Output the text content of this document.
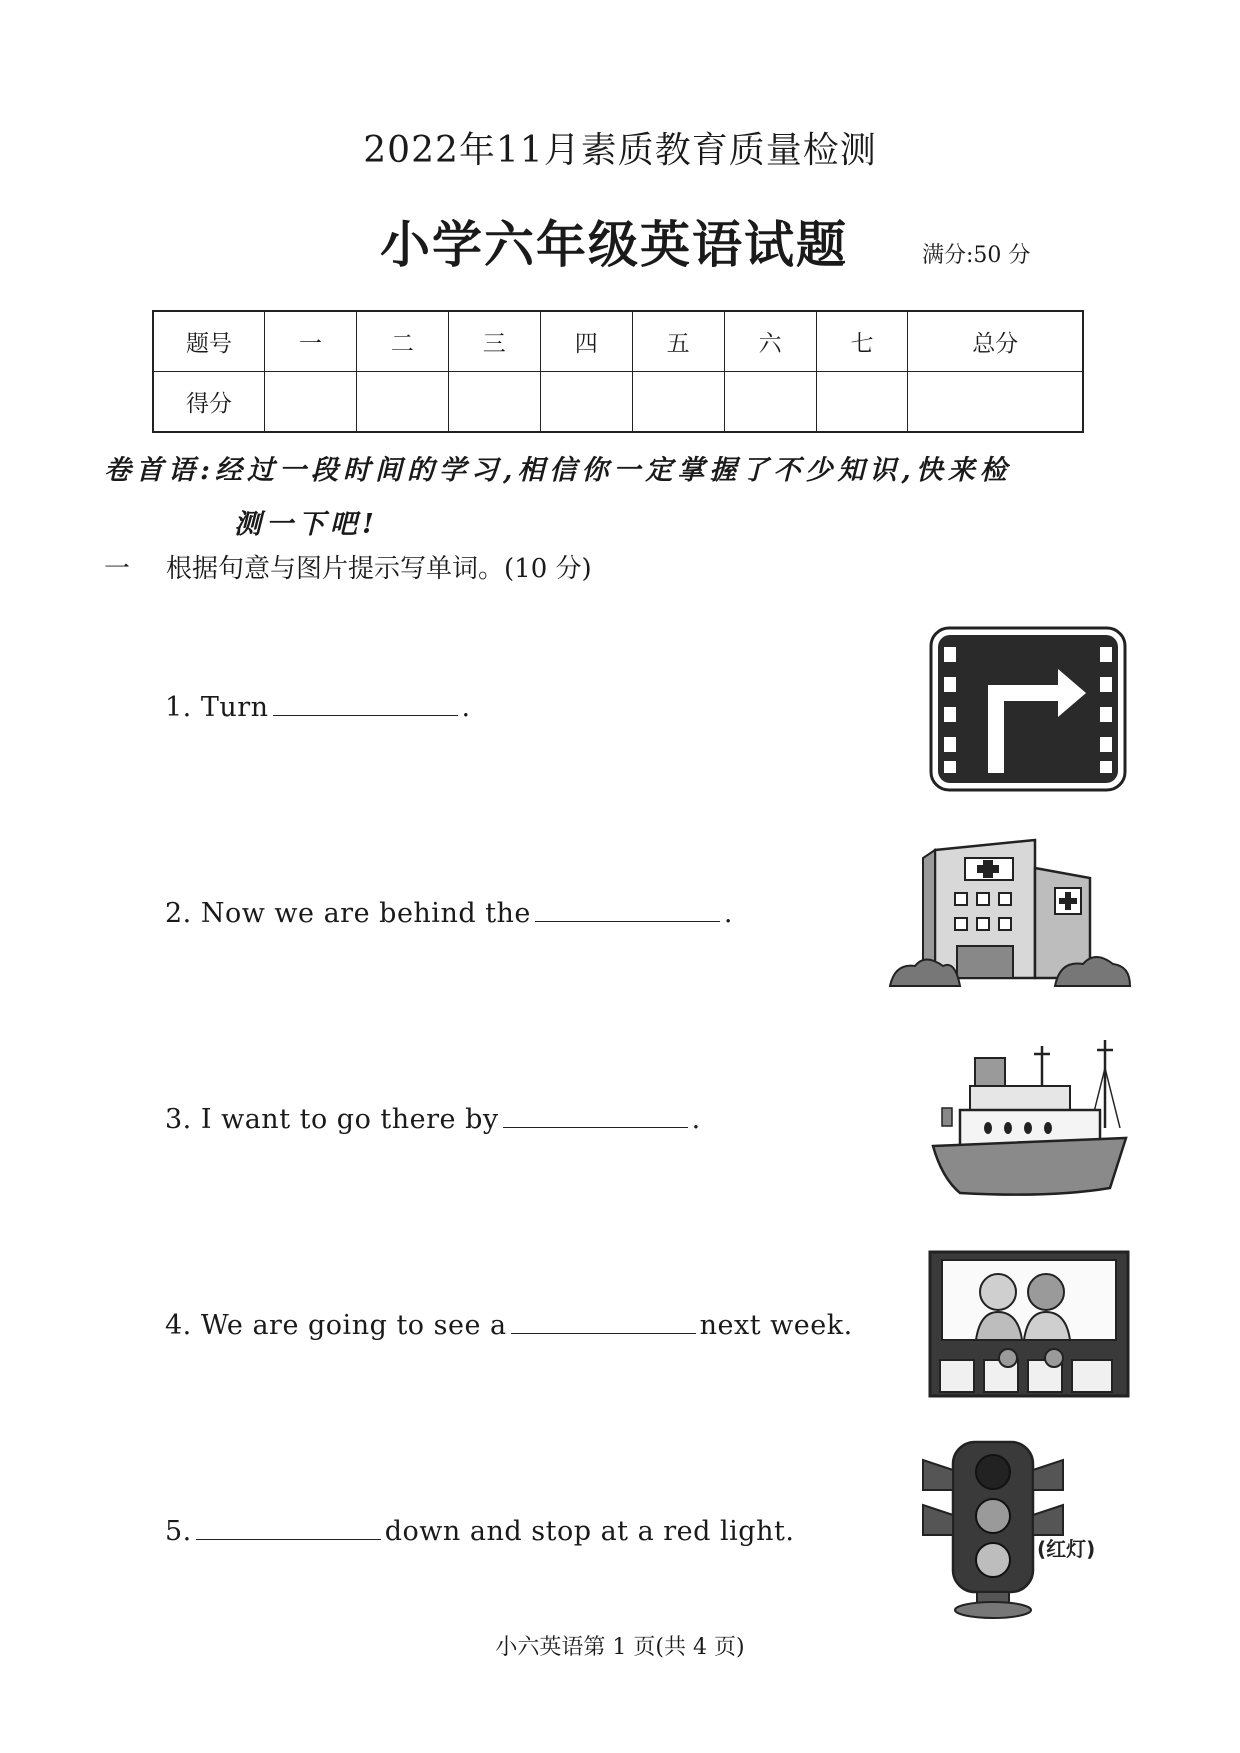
2022年11月素质教育质量检测
小学六年级英语试题	满分:50 分
题号	一	二	三	四	五	六	七	总分
得分								
卷首语:经过一段时间的学习,相信你一定掌握了不少知识,快来检
测一下吧!
一 根据句意与图片提示写单词。(10 分)
1. Turn	.
2. Now we are behind the	.
3. I want to go there by	.
4. We are going to see a	next week.
5.	down and stop at a red light.
(红灯)
小六英语第 1 页(共 4 页)
